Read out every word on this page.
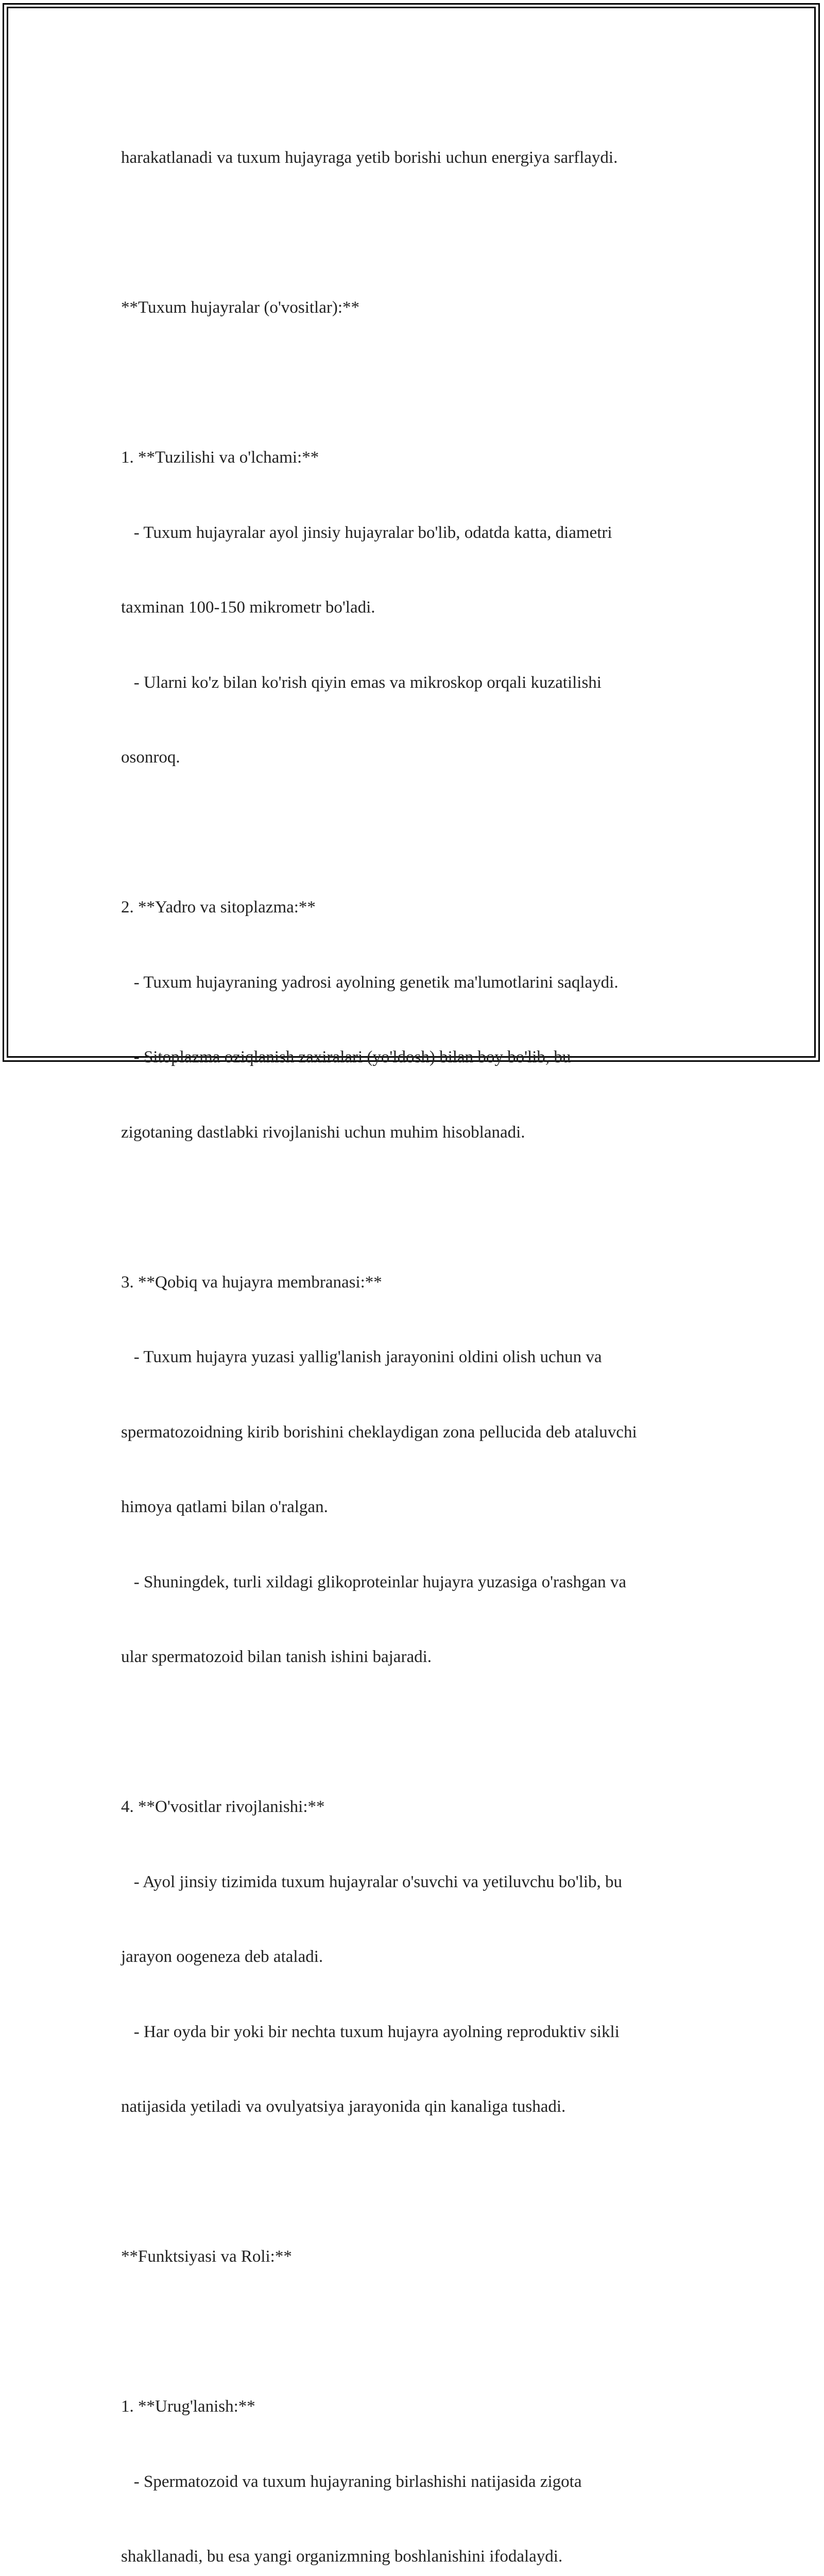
harakatlanadi va tuxum hujayraga yetib borishi uchun energiya sarflaydi.

**Tuxum hujayralar (o'vositlar):**

1. **Tuzilishi va o'lchami:**

- Tuxum hujayralar ayol jinsiy hujayralar bo'lib, odatda katta, diametri

taxminan 100-150 mikrometr bo'ladi.

- Ularni ko'z bilan ko'rish qiyin emas va mikroskop orqali kuzatilishi

osonroq.

2. **Yadro va sitoplazma:**

- Tuxum hujayraning yadrosi ayolning genetik ma'lumotlarini saqlaydi.

- Sitoplazma oziqlanish zaxiralari (yo'ldosh) bilan boy bo'lib, bu

zigotaning dastlabki rivojlanishi uchun muhim hisoblanadi.

3. **Qobiq va hujayra membranasi:**

- Tuxum hujayra yuzasi yallig'lanish jarayonini oldini olish uchun va

spermatozoidning kirib borishini cheklaydigan zona pellucida deb ataluvchi

himoya qatlami bilan o'ralgan.

- Shuningdek, turli xildagi glikoproteinlar hujayra yuzasiga o'rashgan va

ular spermatozoid bilan tanish ishini bajaradi.

4. **O'vositlar rivojlanishi:**

- Ayol jinsiy tizimida tuxum hujayralar o'suvchi va yetiluvchu bo'lib, bu

jarayon oogeneza deb ataladi.

- Har oyda bir yoki bir nechta tuxum hujayra ayolning reproduktiv sikli

natijasida yetiladi va ovulyatsiya jarayonida qin kanaliga tushadi.

**Funktsiyasi va Roli:**

1. **Urug'lanish:**

- Spermatozoid va tuxum hujayraning birlashishi natijasida zigota

shakllanadi, bu esa yangi organizmning boshlanishini ifodalaydi.
